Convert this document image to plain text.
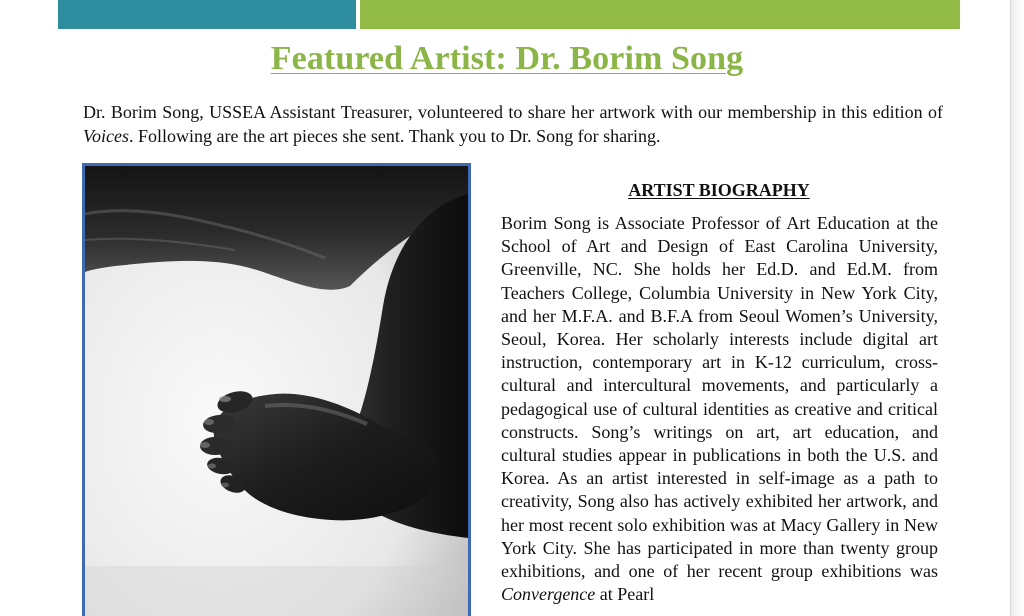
Featured Artist: Dr. Borim Song

Dr. Borim Song, USSEA Assistant Treasurer, volunteered to share her artwork with our membership in this edition of Voices. Following are the art pieces she sent. Thank you to Dr. Song for sharing.

ARTIST BIOGRAPHY

Borim Song is Associate Professor of Art Education at the School of Art and Design of East Carolina University, Greenville, NC. She holds her Ed.D. and Ed.M. from Teachers College, Columbia University in New York City, and her M.F.A. and B.F.A from Seoul Women’s University, Seoul, Korea. Her scholarly interests include digital art instruction, contemporary art in K-12 curriculum, cross-cultural and intercultural movements, and particularly a pedagogical use of cultural identities as creative and critical constructs. Song’s writings on art, art education, and cultural studies appear in publications in both the U.S. and Korea. As an artist interested in self-image as a path to creativity, Song also has actively exhibited her artwork, and her most recent solo exhibition was at Macy Gallery in New York City. She has participated in more than twenty group exhibitions, and one of her recent group exhibitions was Convergence at Pearl
